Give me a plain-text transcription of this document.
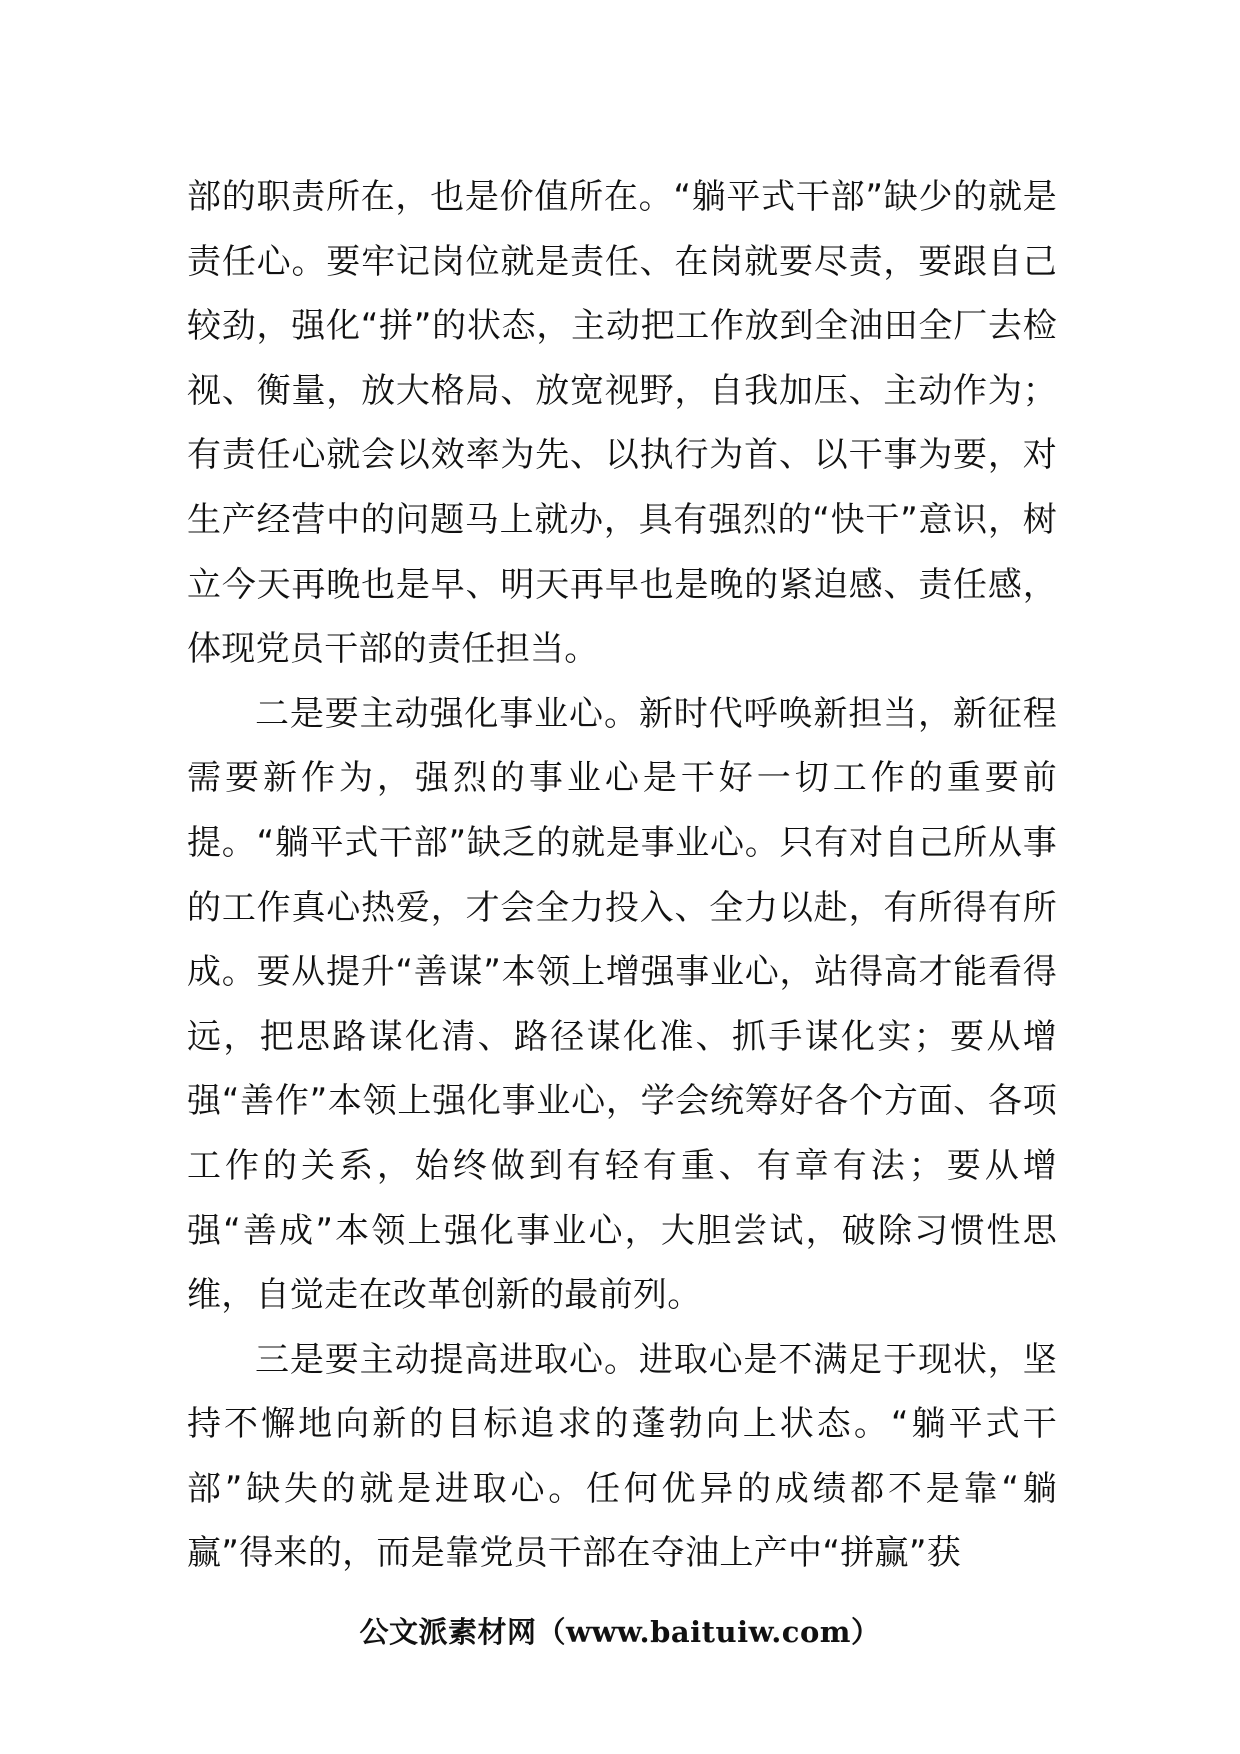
部的职责所在，也是价值所在。“躺平式干部”缺少的就是责任心。要牢记岗位就是责任、在岗就要尽责，要跟自己较劲，强化“拼”的状态，主动把工作放到全油田全厂去检视、衡量，放大格局、放宽视野，自我加压、主动作为；有责任心就会以效率为先、以执行为首、以干事为要，对生产经营中的问题马上就办，具有强烈的“快干”意识，树立今天再晚也是早、明天再早也是晚的紧迫感、责任感，体现党员干部的责任担当。

二是要主动强化事业心。新时代呼唤新担当，新征程需要新作为，强烈的事业心是干好一切工作的重要前提。“躺平式干部”缺乏的就是事业心。只有对自己所从事的工作真心热爱，才会全力投入、全力以赴，有所得有所成。要从提升“善谋”本领上增强事业心，站得高才能看得远，把思路谋化清、路径谋化准、抓手谋化实；要从增强“善作”本领上强化事业心，学会统筹好各个方面、各项工作的关系，始终做到有轻有重、有章有法；要从增强“善成”本领上强化事业心，大胆尝试，破除习惯性思维，自觉走在改革创新的最前列。

三是要主动提高进取心。进取心是不满足于现状，坚持不懈地向新的目标追求的蓬勃向上状态。“躺平式干部”缺失的就是进取心。任何优异的成绩都不是靠“躺赢”得来的，而是靠党员干部在夺油上产中“拼赢”获

公文派素材网（www.baituiw.com）
